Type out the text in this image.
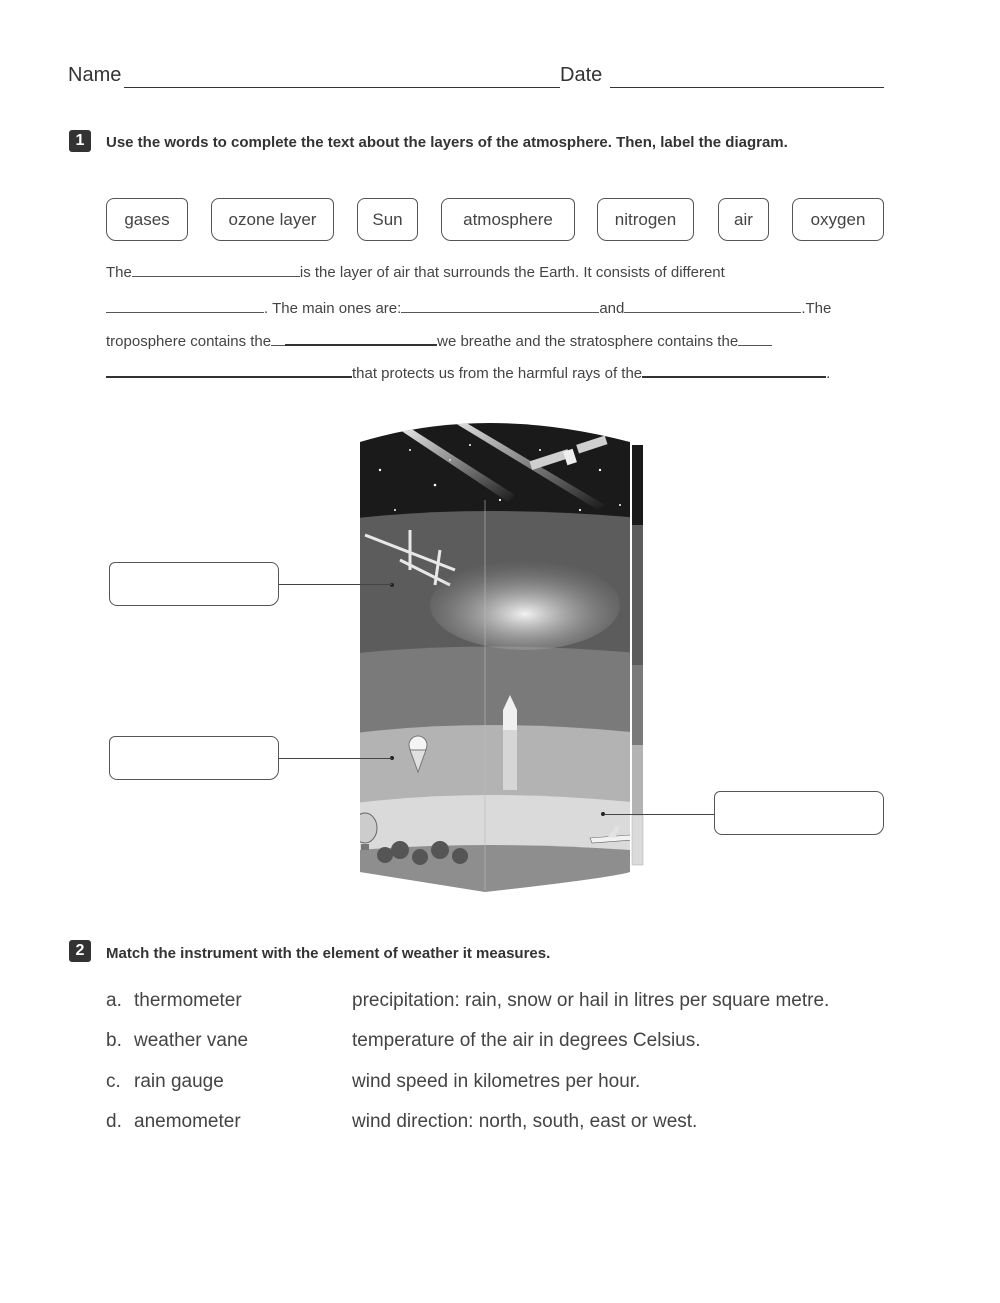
Name	Date
1	Use the words to complete the text about the layers of the atmosphere. Then, label the diagram.
gases	ozone layer	Sun	atmosphere	nitrogen	air	oxygen
The	is the layer of air that surrounds the Earth. It consists of different
. The main ones are:	and	.The
troposphere contains the	we breathe and the stratosphere contains the
that protects us from the harmful rays of the	.
2	Match the instrument with the element of weather it measures.
a. thermometer	precipitation: rain, snow or hail in litres per square metre.
b. weather vane	temperature of the air in degrees Celsius.
c. rain gauge	wind speed in kilometres per hour.
d. anemometer	wind direction: north, south, east or west.
